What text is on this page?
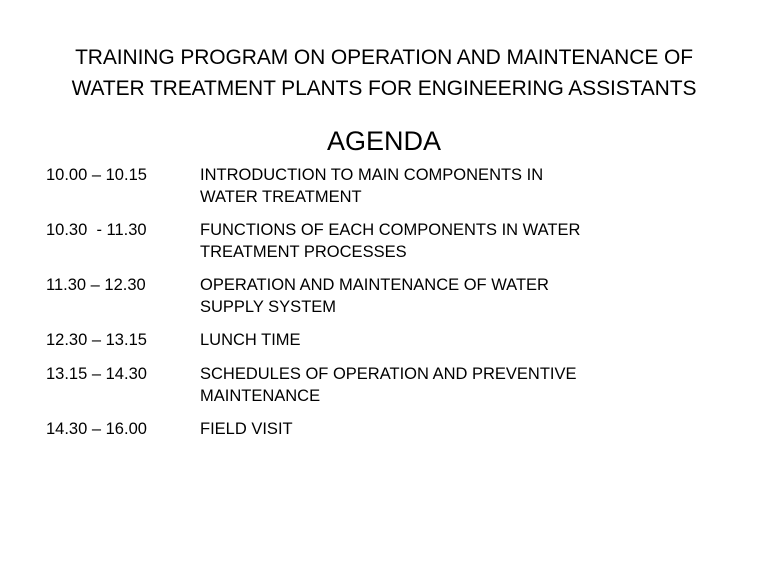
TRAINING PROGRAM ON OPERATION AND MAINTENANCE OF
WATER TREATMENT PLANTS FOR ENGINEERING ASSISTANTS
AGENDA
10.00 – 10.15	INTRODUCTION TO MAIN COMPONENTS IN
WATER TREATMENT
10.30  - 11.30	FUNCTIONS OF EACH COMPONENTS IN WATER
TREATMENT PROCESSES
11.30 – 12.30	OPERATION AND MAINTENANCE OF WATER
SUPPLY SYSTEM
12.30 – 13.15	LUNCH TIME
13.15 – 14.30	SCHEDULES OF OPERATION AND PREVENTIVE
MAINTENANCE
14.30 – 16.00	FIELD VISIT
